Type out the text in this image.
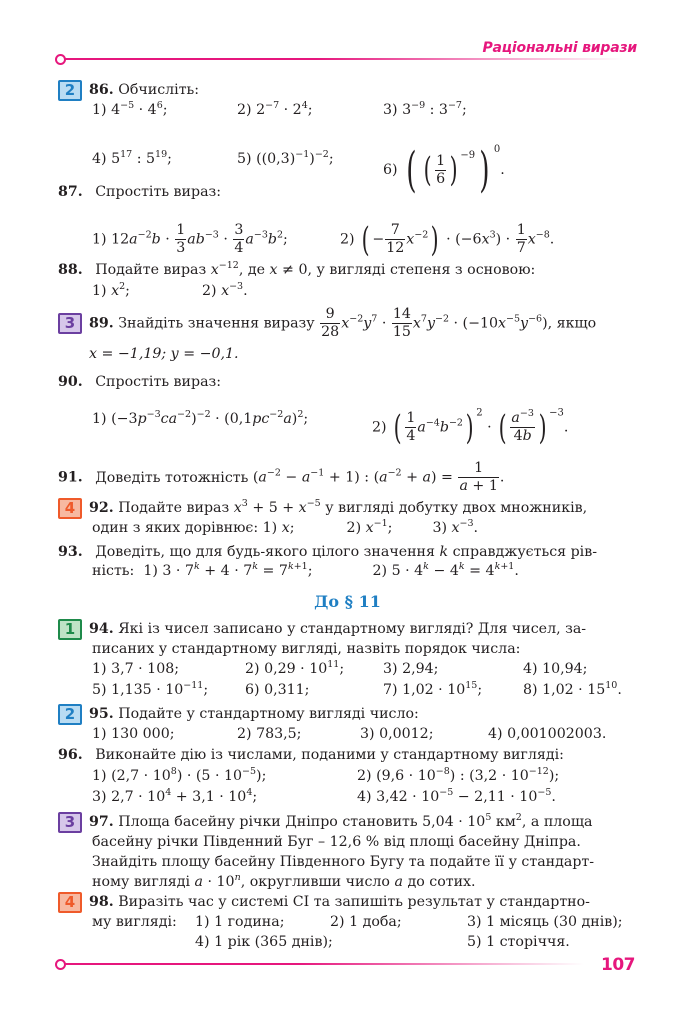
Раціональні вирази
2 86. Обчисліть:
1) $4^{-5} \cdot 4^6$;	2) $2^{-7} \cdot 2^4$;	3) $3^{-9}$ : $3^{-7}$;
4) $5^{17}$ : $5^{19}$;	5) $((0,3)^{-1})^{-2}$;
6) ( ( $\frac{1}{6}$ ) $^{-9}$) $^0$.
87. Спростіть вираз:
1) $12a^{-2}b \cdot \frac{1}{3} ab^{-3} \cdot \frac{3}{4} a^{-3}b^2$;	2) ( − $\frac{7}{12} x^{-2}) \cdot (-6x^3) \cdot \frac{1}{7} x^{-8}$.
88. Подайте вираз $x^{-12}$, де x ≠ 0, у вигляді степеня з основою:
1) $x^2$;	2) $x^{-3}$.
3 89. Знайдіть значення виразу $\frac{9}{28} x^{-2}y^7 \cdot \frac{14}{15} x^7y^{-2} \cdot (-10x^{-5}y^{-6})$, якщо
x = −1,19; y = −0,1.
90. Спростіть вираз:
1) $(-3p^{-3}ca^{-2})^{-2} \cdot (0,1pc^{-2}a)^2$;
2) ( $\frac{1}{4} a^{-4}b^{-2}$) $^2$ · ( $\frac{a^{-3}}{4b}$ ) $^{-3}$.
91. Доведіть тотожність $(a^{-2} - a^{-1} + 1)$ : $(a^{-2} + a) = \frac{1}{a + 1}$ .
4 92. Подайте вираз $x^3 + 5 + x^{-5}$ у вигляді добутку двох множників,
один з яких дорівнює: 1) x;	2) $x^{-1}$;	3) $x^{-3}$.
93. Доведіть, що для будь-якого цілого значення k справджується рів-
ність: 1) $3 \cdot 7^k + 4 \cdot 7^k = 7^{k+1}$;	2) $5 \cdot 4^k - 4^k = 4^{k+1}$.
До § 11
1 94. Які із чисел записано у стандартному вигляді? Для чисел, за-
писаних у стандартному вигляді, назвіть порядок числа:
1) 3,7 · 108;	2) $0,29 \cdot 10^{11}$;	3) 2,94;	4) 10,94;
5) $1,135 \cdot 10^{-11}$;	6) 0,311;	7) $1,02 \cdot 10^{15}$;	8) $1,02 \cdot 15^{10}$.
2 95. Подайте у стандартному вигляді число:
1) 130 000;	2) 783,5;	3) 0,0012;	4) 0,001002003.
96. Виконайте дію із числами, поданими у стандартному вигляді:
1) $(2,7 \cdot 10^8) \cdot (5 \cdot 10^{-5})$;	2) $(9,6 \cdot 10^{-8})$ : $(3,2 \cdot 10^{-12})$;
3) $2,7 \cdot 10^4 + 3,1 \cdot 10^4$;	4) $3,42 \cdot 10^{-5} - 2,11 \cdot 10^{-5}$.
3 97. Площа басейну річки Дніпро становить $5,04 \cdot 10^5$ $км^2$, а площа
басейну річки Південний Буг – 12,6 % від площі басейну Дніпра.
Знайдіть площу басейну Південного Бугу та подайте її у стандарт-
ному вигляді $a \cdot 10^n$, округливши число a до сотих.
4 98. Виразіть час у системі СІ та запишіть результат у стандартно-
му вигляді: 1) 1 година;	2) 1 доба;	3) 1 місяць (30 днів);
4) 1 рік (365 днів);	5) 1 сторіччя.
107
